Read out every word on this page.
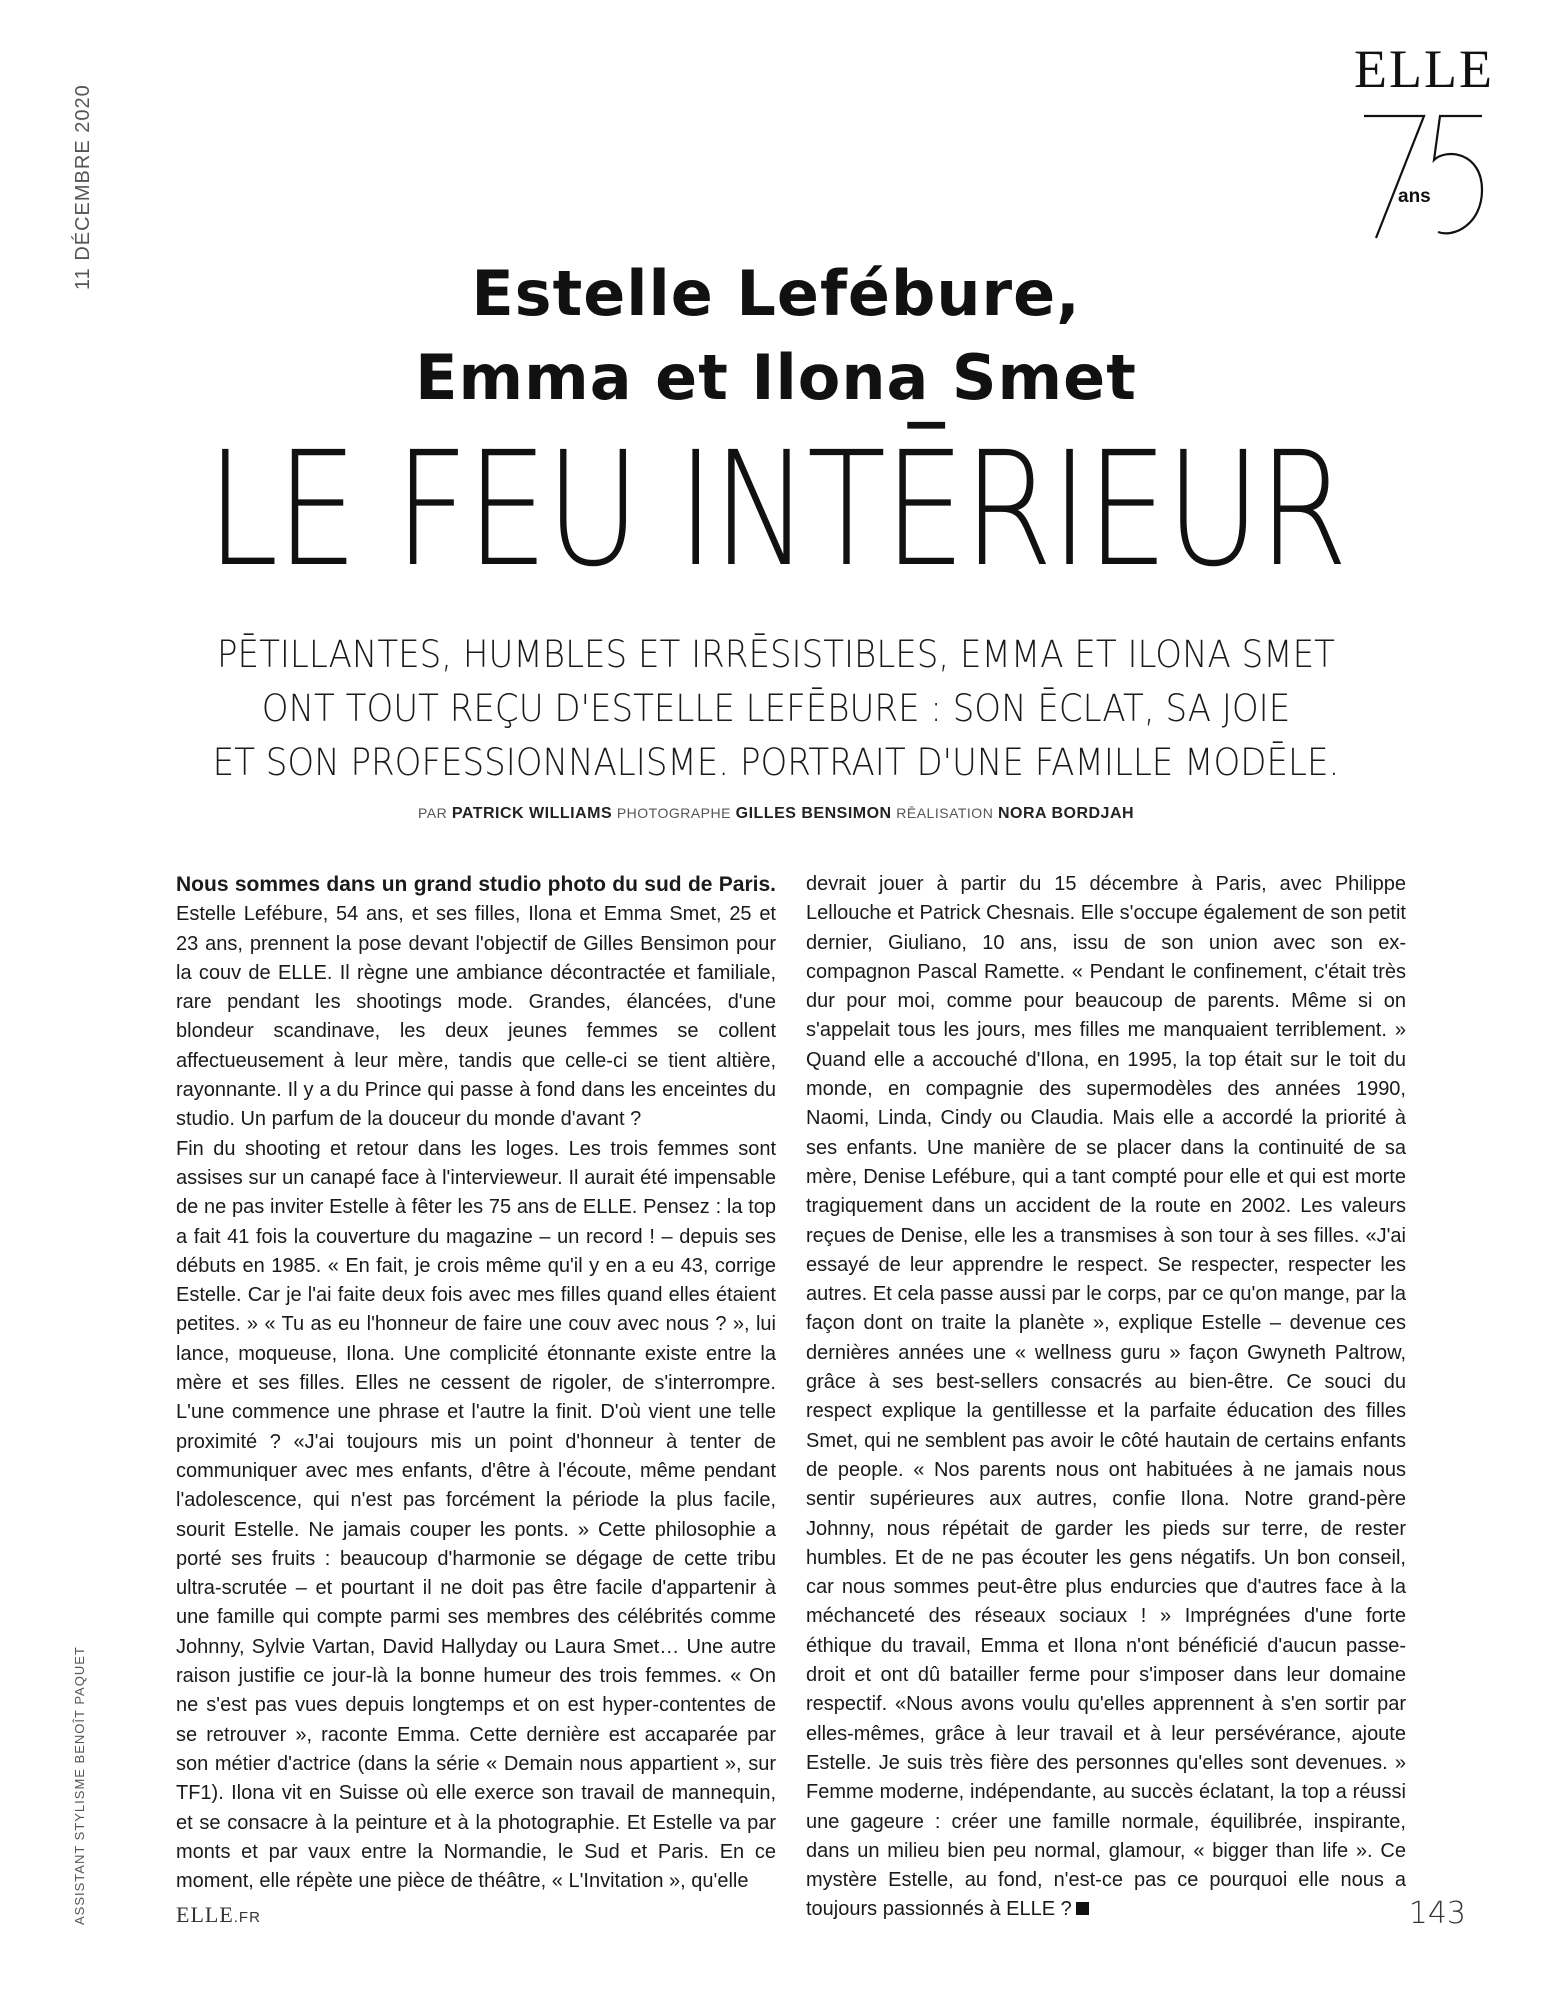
11 DÉCEMBRE 2020
ASSISTANT STYLISME BENOÎT PAQUET
ELLE
ans
Estelle Lefébure,
Emma et Ilona Smet
LE FEU INTĒRIEUR
PĒTILLANTES, HUMBLES ET IRRĒSISTIBLES, EMMA ET ILONA SMET
ONT TOUT REÇU D'ESTELLE LEFĒBURE : SON ĒCLAT, SA JOIE
ET SON PROFESSIONNALISME. PORTRAIT D'UNE FAMILLE MODĒLE.
PAR PATRICK WILLIAMS PHOTOGRAPHE GILLES BENSIMON RĒALISATION NORA BORDJAH

Nous sommes dans un grand studio photo du sud de Paris. Estelle Lefébure, 54 ans, et ses filles, Ilona et Emma Smet, 25 et 23 ans, prennent la pose devant l'objectif de Gilles Bensimon pour la couv de ELLE. Il règne une ambiance décontractée et familiale, rare pendant les shootings mode. Grandes, élancées, d'une blondeur scandinave, les deux jeunes femmes se collent affectueusement à leur mère, tandis que celle-ci se tient altière, rayonnante. Il y a du Prince qui passe à fond dans les enceintes du studio. Un parfum de la douceur du monde d'avant ?

Fin du shooting et retour dans les loges. Les trois femmes sont assises sur un canapé face à l'intervieweur. Il aurait été impensable de ne pas inviter Estelle à fêter les 75 ans de ELLE. Pensez : la top a fait 41 fois la couverture du magazine – un record ! – depuis ses débuts en 1985. « En fait, je crois même qu'il y en a eu 43, corrige Estelle. Car je l'ai faite deux fois avec mes filles quand elles étaient petites. » « Tu as eu l'honneur de faire une couv avec nous ? », lui lance, moqueuse, Ilona. Une complicité étonnante existe entre la mère et ses filles. Elles ne cessent de rigoler, de s'interrompre. L'une commence une phrase et l'autre la finit. D'où vient une telle proximité ? «J'ai toujours mis un point d'honneur à tenter de communiquer avec mes enfants, d'être à l'écoute, même pendant l'adolescence, qui n'est pas forcément la période la plus facile, sourit Estelle. Ne jamais couper les ponts. » Cette philosophie a porté ses fruits : beaucoup d'harmonie se dégage de cette tribu ultra-scrutée – et pourtant il ne doit pas être facile d'appartenir à une famille qui compte parmi ses membres des célébrités comme Johnny, Sylvie Vartan, David Hallyday ou Laura Smet… Une autre raison justifie ce jour-là la bonne humeur des trois femmes. « On ne s'est pas vues depuis longtemps et on est hyper-contentes de se retrouver », raconte Emma. Cette dernière est accaparée par son métier d'actrice (dans la série « Demain nous appartient », sur TF1). Ilona vit en Suisse où elle exerce son travail de mannequin, et se consacre à la peinture et à la photographie. Et Estelle va par monts et par vaux entre la Normandie, le Sud et Paris. En ce moment, elle répète une pièce de théâtre, « L'Invitation », qu'elle

devrait jouer à partir du 15 décembre à Paris, avec Philippe Lellouche et Patrick Chesnais. Elle s'occupe également de son petit dernier, Giuliano, 10 ans, issu de son union avec son ex-compagnon Pascal Ramette. « Pendant le confinement, c'était très dur pour moi, comme pour beaucoup de parents. Même si on s'appelait tous les jours, mes filles me manquaient terriblement. » Quand elle a accouché d'Ilona, en 1995, la top était sur le toit du monde, en compagnie des supermodèles des années 1990, Naomi, Linda, Cindy ou Claudia. Mais elle a accordé la priorité à ses enfants. Une manière de se placer dans la continuité de sa mère, Denise Lefébure, qui a tant compté pour elle et qui est morte tragiquement dans un accident de la route en 2002. Les valeurs reçues de Denise, elle les a transmises à son tour à ses filles. «J'ai essayé de leur apprendre le respect. Se respecter, respecter les autres. Et cela passe aussi par le corps, par ce qu'on mange, par la façon dont on traite la planète », explique Estelle – devenue ces dernières années une « wellness guru » façon Gwyneth Paltrow, grâce à ses best-sellers consacrés au bien-être. Ce souci du respect explique la gentillesse et la parfaite éducation des filles Smet, qui ne semblent pas avoir le côté hautain de certains enfants de people. « Nos parents nous ont habituées à ne jamais nous sentir supérieures aux autres, confie Ilona. Notre grand-père Johnny, nous répétait de garder les pieds sur terre, de rester humbles. Et de ne pas écouter les gens négatifs. Un bon conseil, car nous sommes peut-être plus endurcies que d'autres face à la méchanceté des réseaux sociaux ! » Imprégnées d'une forte éthique du travail, Emma et Ilona n'ont bénéficié d'aucun passe-droit et ont dû batailler ferme pour s'imposer dans leur domaine respectif. «Nous avons voulu qu'elles apprennent à s'en sortir par elles-mêmes, grâce à leur travail et à leur persévérance, ajoute Estelle. Je suis très fière des personnes qu'elles sont devenues. » Femme moderne, indépendante, au succès éclatant, la top a réussi une gageure : créer une famille normale, équilibrée, inspirante, dans un milieu bien peu normal, glamour, « bigger than life ». Ce mystère Estelle, au fond, n'est-ce pas ce pourquoi elle nous a toujours passionnés à ELLE ?

ELLE.FR	143
